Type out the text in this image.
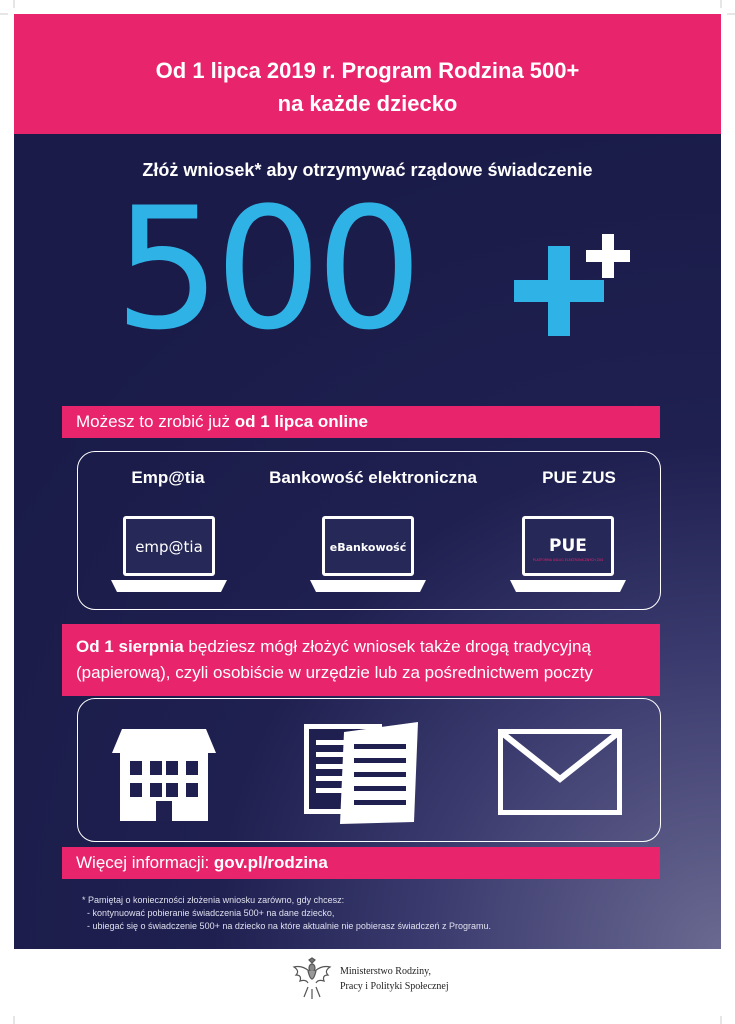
Od 1 lipca 2019 r. Program Rodzina 500+
na każde dziecko
Złóż wniosek* aby otrzymywać rządowe świadczenie
500
Możesz to zrobić już od 1 lipca online
Emp@tia	Bankowość elektroniczna	PUE ZUS
emp@tia	eBankowość	PUE
PLATFORMA USŁUG ELEKTRONICZNYCH ZUS
Od 1 sierpnia będziesz mógł złożyć wniosek także drogą tradycyjną
(papierową), czyli osobiście w urzędzie lub za pośrednictwem poczty
Więcej informacji: gov.pl/rodzina
* Pamiętaj o konieczności złożenia wniosku zarówno, gdy chcesz:
- kontynuować pobieranie świadczenia 500+ na dane dziecko,
- ubiegać się o świadczenie 500+ na dziecko na które aktualnie nie pobierasz świadczeń z Programu.
Ministerstwo Rodziny,
Pracy i Polityki Społecznej
